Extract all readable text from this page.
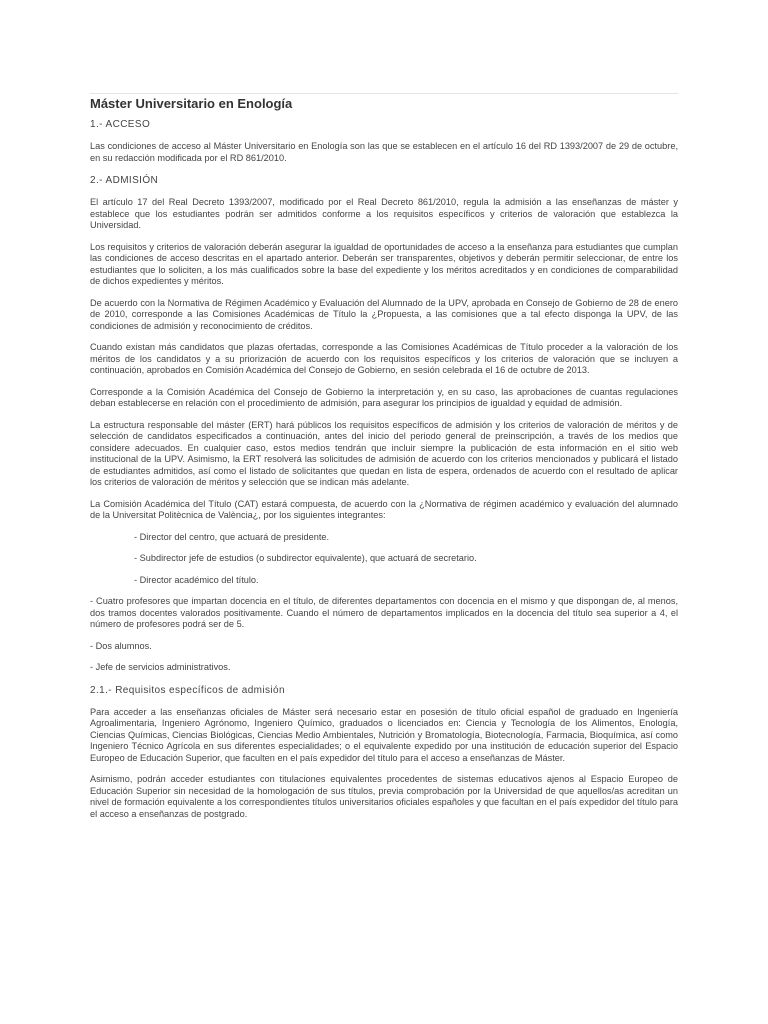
Máster Universitario en Enología
1.- ACCESO

Las condiciones de acceso al Máster Universitario en Enología son las que se establecen en el artículo 16 del RD 1393/2007 de 29 de octubre, en su redacción modificada por el RD 861/2010.

2.- ADMISIÓN

El artículo 17 del Real Decreto 1393/2007, modificado por el Real Decreto 861/2010, regula la admisión a las enseñanzas de máster y establece que los estudiantes podrán ser admitidos conforme a los requisitos específicos y criterios de valoración que establezca la Universidad.

Los requisitos y criterios de valoración deberán asegurar la igualdad de oportunidades de acceso a la enseñanza para estudiantes que cumplan las condiciones de acceso descritas en el apartado anterior. Deberán ser transparentes, objetivos y deberán permitir seleccionar, de entre los estudiantes que lo soliciten, a los más cualificados sobre la base del expediente y los méritos acreditados y en condiciones de comparabilidad de dichos expedientes y méritos.

De acuerdo con la Normativa de Régimen Académico y Evaluación del Alumnado de la UPV, aprobada en Consejo de Gobierno de 28 de enero de 2010, corresponde a las Comisiones Académicas de Título la ¿Propuesta, a las comisiones que a tal efecto disponga la UPV, de las condiciones de admisión y reconocimiento de créditos.

Cuando existan más candidatos que plazas ofertadas, corresponde a las Comisiones Académicas de Título proceder a la valoración de los méritos de los candidatos y a su priorización de acuerdo con los requisitos específicos y los criterios de valoración que se incluyen a continuación, aprobados en Comisión Académica del Consejo de Gobierno, en sesión celebrada el 16 de octubre de 2013.

Corresponde a la Comisión Académica del Consejo de Gobierno la interpretación y, en su caso, las aprobaciones de cuantas regulaciones deban establecerse en relación con el procedimiento de admisión, para asegurar los principios de igualdad y equidad de admisión.

La estructura responsable del máster (ERT) hará públicos los requisitos específicos de admisión y los criterios de valoración de méritos y de selección de candidatos especificados a continuación, antes del inicio del periodo general de preinscripción, a través de los medios que considere adecuados. En cualquier caso, estos medios tendrán que incluir siempre la publicación de esta información en el sitio web institucional de la UPV. Asimismo, la ERT resolverá las solicitudes de admisión de acuerdo con los criterios mencionados y publicará el listado de estudiantes admitidos, así como el listado de solicitantes que quedan en lista de espera, ordenados de acuerdo con el resultado de aplicar los criterios de valoración de méritos y selección que se indican más adelante.

La Comisión Académica del Título (CAT) estará compuesta, de acuerdo con la ¿Normativa de régimen académico y evaluación del alumnado de la Universitat Politècnica de València¿, por los siguientes integrantes:

- Director del centro, que actuará de presidente.

- Subdirector jefe de estudios (o subdirector equivalente), que actuará de secretario.

- Director académico del título.

- Cuatro profesores que impartan docencia en el título, de diferentes departamentos con docencia en el mismo y que dispongan de, al menos, dos tramos docentes valorados positivamente. Cuando el número de departamentos implicados en la docencia del título sea superior a 4, el número de profesores podrá ser de 5.

- Dos alumnos.

- Jefe de servicios administrativos.

2.1.- Requisitos específicos de admisión

Para acceder a las enseñanzas oficiales de Máster será necesario estar en posesión de título oficial español de graduado en Ingeniería Agroalimentaria, Ingeniero Agrónomo, Ingeniero Químico, graduados o licenciados en: Ciencia y Tecnología de los Alimentos, Enología, Ciencias Químicas, Ciencias Biológicas, Ciencias Medio Ambientales, Nutrición y Bromatología, Biotecnología, Farmacia, Bioquímica, así como Ingeniero Técnico Agrícola en sus diferentes especialidades; o el equivalente expedido por una institución de educación superior del Espacio Europeo de Educación Superior, que faculten en el país expedidor del título para el acceso a enseñanzas de Máster.

Asimismo, podrán acceder estudiantes con titulaciones equivalentes procedentes de sistemas educativos ajenos al Espacio Europeo de Educación Superior sin necesidad de la homologación de sus títulos, previa comprobación por la Universidad de que aquellos/as acreditan un nivel de formación equivalente a los correspondientes títulos universitarios oficiales españoles y que facultan en el país expedidor del título para el acceso a enseñanzas de postgrado.
